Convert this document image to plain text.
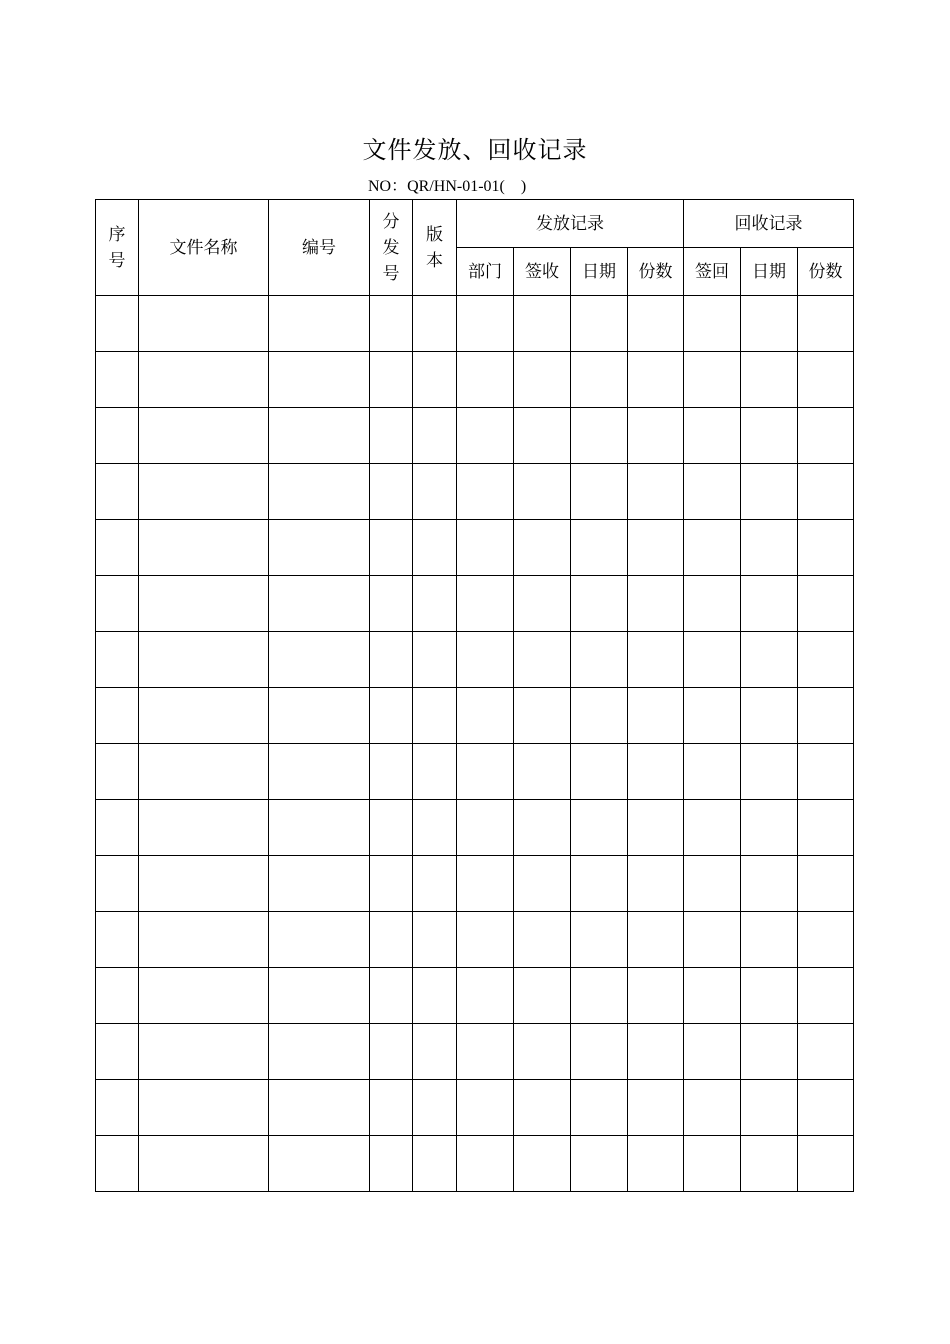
文件发放、回收记录
NO：QR/HN-01-01(    )
序号	文件名称	编号	分发号	版本	发放记录				回收记录		
					部门	签收	日期	份数	签回	日期	份数
